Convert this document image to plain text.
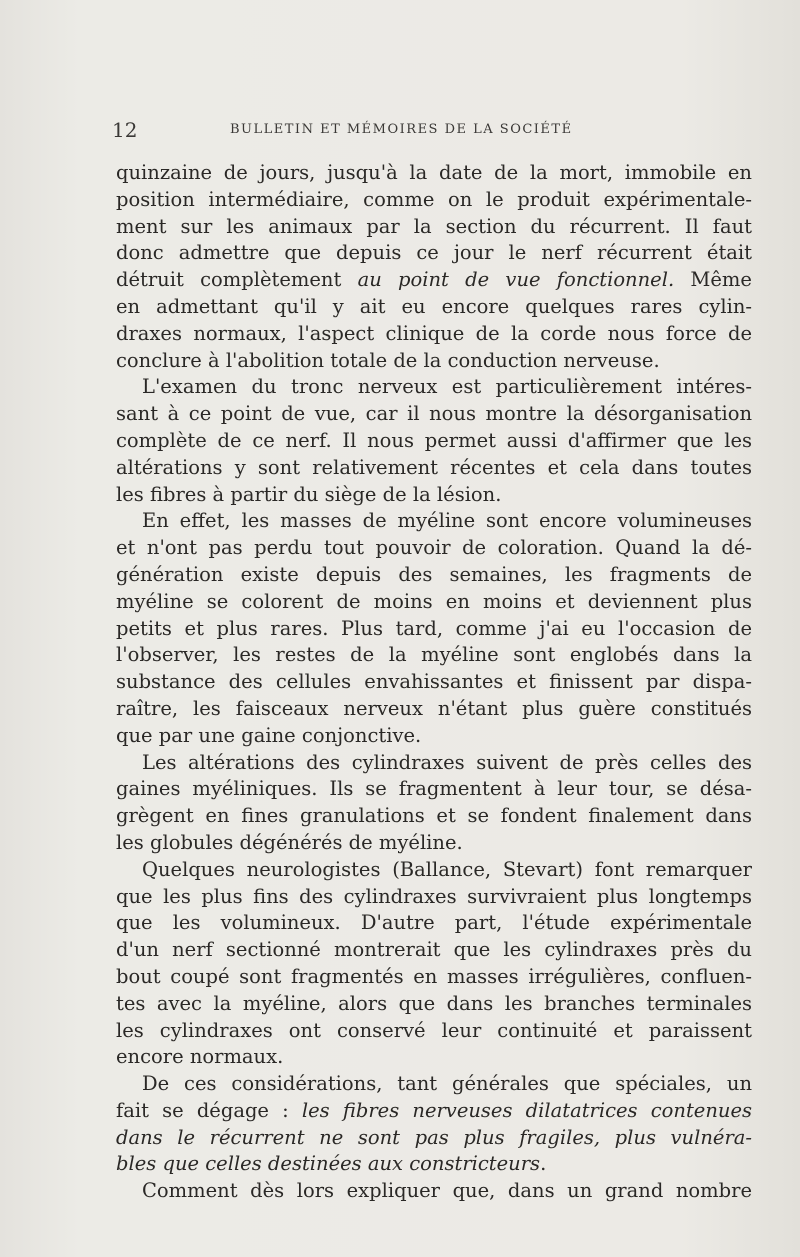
12	BULLETIN ET MÉMOIRES DE LA SOCIÉTÉ
quinzaine de jours, jusqu'à la date de la mort, immobile en
position intermédiaire, comme on le produit expérimentale-
ment sur les animaux par la section du récurrent. Il faut
donc admettre que depuis ce jour le nerf récurrent était
détruit complètement au point de vue fonctionnel. Même
en admettant qu'il y ait eu encore quelques rares cylin-
draxes normaux, l'aspect clinique de la corde nous force de
conclure à l'abolition totale de la conduction nerveuse.
L'examen du tronc nerveux est particulièrement intéres-
sant à ce point de vue, car il nous montre la désorganisation
complète de ce nerf. Il nous permet aussi d'affirmer que les
altérations y sont relativement récentes et cela dans toutes
les fibres à partir du siège de la lésion.
En effet, les masses de myéline sont encore volumineuses
et n'ont pas perdu tout pouvoir de coloration. Quand la dé-
génération existe depuis des semaines, les fragments de
myéline se colorent de moins en moins et deviennent plus
petits et plus rares. Plus tard, comme j'ai eu l'occasion de
l'observer, les restes de la myéline sont englobés dans la
substance des cellules envahissantes et finissent par dispa-
raître, les faisceaux nerveux n'étant plus guère constitués
que par une gaine conjonctive.
Les altérations des cylindraxes suivent de près celles des
gaines myéliniques. Ils se fragmentent à leur tour, se désa-
grègent en fines granulations et se fondent finalement dans
les globules dégénérés de myéline.
Quelques neurologistes (Ballance, Stevart) font remarquer
que les plus fins des cylindraxes survivraient plus longtemps
que les volumineux. D'autre part, l'étude expérimentale
d'un nerf sectionné montrerait que les cylindraxes près du
bout coupé sont fragmentés en masses irrégulières, confluen-
tes avec la myéline, alors que dans les branches terminales
les cylindraxes ont conservé leur continuité et paraissent
encore normaux.
De ces considérations, tant générales que spéciales, un
fait se dégage : les fibres nerveuses dilatatrices contenues
dans le récurrent ne sont pas plus fragiles, plus vulnéra-
bles que celles destinées aux constricteurs.
Comment dès lors expliquer que, dans un grand nombre
